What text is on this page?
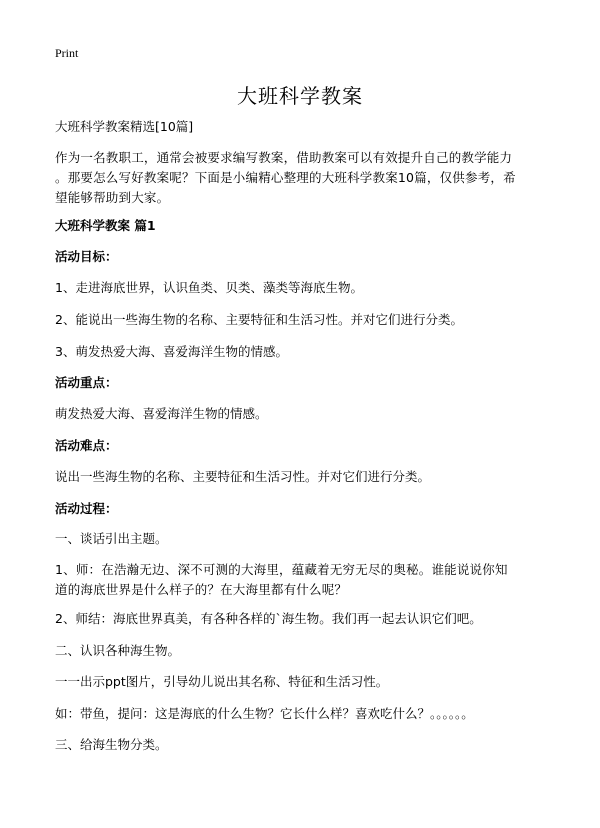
Print
大班科学教案
大班科学教案精选[10篇]
作为一名教职工，通常会被要求编写教案，借助教案可以有效提升自己的教学能力
。那要怎么写好教案呢？下面是小编精心整理的大班科学教案10篇，仅供参考，希
望能够帮助到大家。
大班科学教案 篇1
活动目标：
1、走进海底世界，认识鱼类、贝类、藻类等海底生物。
2、能说出一些海生物的名称、主要特征和生活习性。并对它们进行分类。
3、萌发热爱大海、喜爱海洋生物的情感。
活动重点：
萌发热爱大海、喜爱海洋生物的情感。
活动难点：
说出一些海生物的名称、主要特征和生活习性。并对它们进行分类。
活动过程：
一、谈话引出主题。
1、师：在浩瀚无边、深不可测的大海里，蕴藏着无穷无尽的奥秘。谁能说说你知
道的海底世界是什么样子的？在大海里都有什么呢？
2、师结：海底世界真美，有各种各样的`海生物。我们再一起去认识它们吧。
二、认识各种海生物。
一一出示ppt图片，引导幼儿说出其名称、特征和生活习性。
如：带鱼，提问：这是海底的什么生物？它长什么样？喜欢吃什么？。。。。。。
三、给海生物分类。
